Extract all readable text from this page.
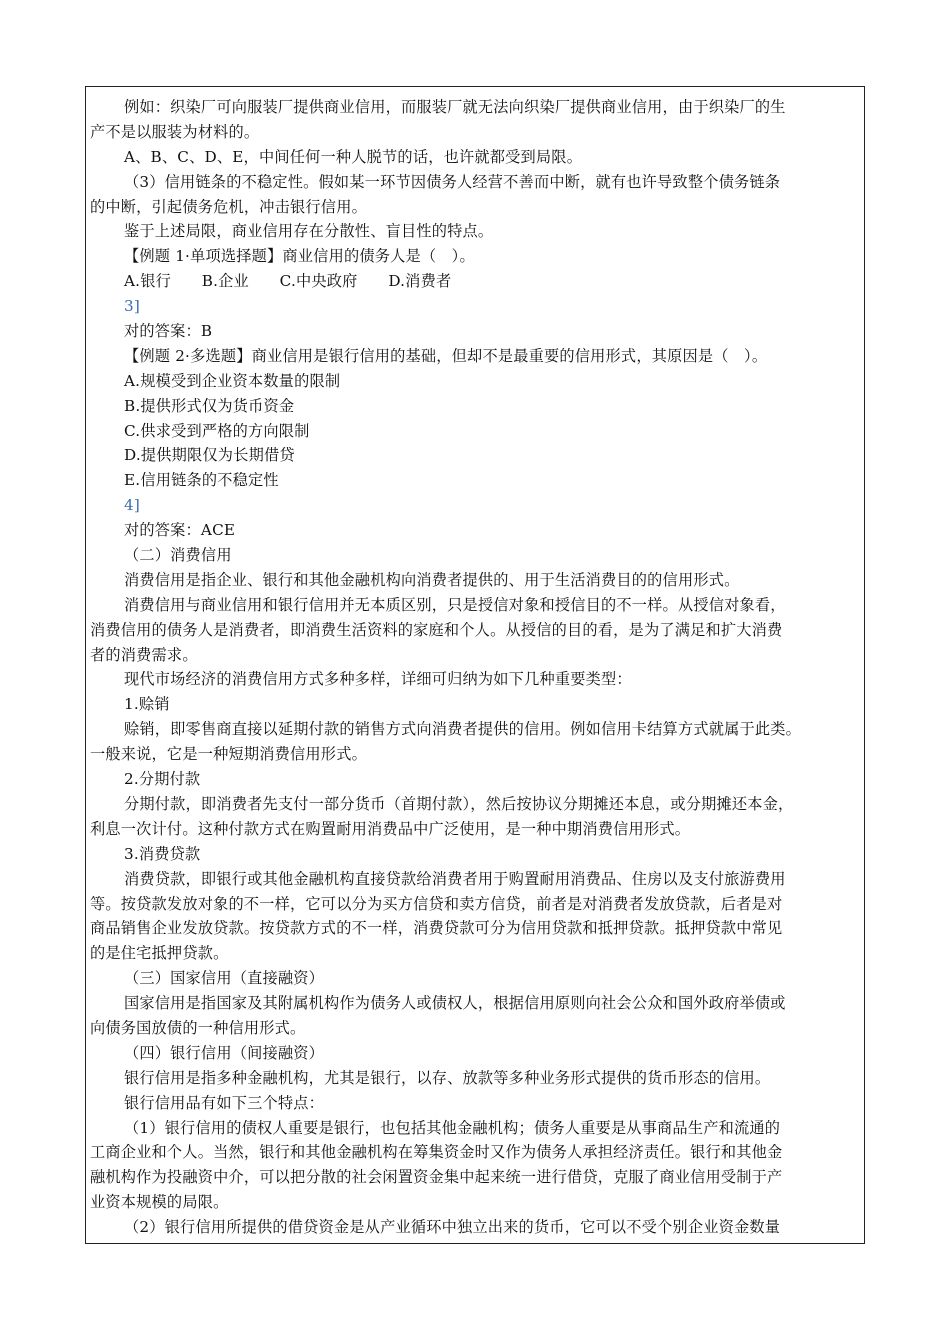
例如：织染厂可向服装厂提供商业信用，而服装厂就无法向织染厂提供商业信用，由于织染厂的生
产不是以服装为材料的。
A、B、C、D、E，中间任何一种人脱节的话，也许就都受到局限。
（3）信用链条的不稳定性。假如某一环节因债务人经营不善而中断，就有也许导致整个债务链条
的中断，引起债务危机，冲击银行信用。
鉴于上述局限，商业信用存在分散性、盲目性的特点。
【例题 1·单项选择题】商业信用的债务人是（　）。
A.银行　　B.企业　　C.中央政府　　D.消费者
3]
对的答案：B
【例题 2·多选题】商业信用是银行信用的基础，但却不是最重要的信用形式，其原因是（　）。
A.规模受到企业资本数量的限制
B.提供形式仅为货币资金
C.供求受到严格的方向限制
D.提供期限仅为长期借贷
E.信用链条的不稳定性
4]
对的答案：ACE
（二）消费信用
消费信用是指企业、银行和其他金融机构向消费者提供的、用于生活消费目的的信用形式。
消费信用与商业信用和银行信用并无本质区别，只是授信对象和授信目的不一样。从授信对象看，
消费信用的债务人是消费者，即消费生活资料的家庭和个人。从授信的目的看，是为了满足和扩大消费
者的消费需求。
现代市场经济的消费信用方式多种多样，详细可归纳为如下几种重要类型：
1.赊销
赊销，即零售商直接以延期付款的销售方式向消费者提供的信用。例如信用卡结算方式就属于此类。
一般来说，它是一种短期消费信用形式。
2.分期付款
分期付款，即消费者先支付一部分货币（首期付款），然后按协议分期摊还本息，或分期摊还本金，
利息一次计付。这种付款方式在购置耐用消费品中广泛使用，是一种中期消费信用形式。
3.消费贷款
消费贷款，即银行或其他金融机构直接贷款给消费者用于购置耐用消费品、住房以及支付旅游费用
等。按贷款发放对象的不一样，它可以分为买方信贷和卖方信贷，前者是对消费者发放贷款，后者是对
商品销售企业发放贷款。按贷款方式的不一样，消费贷款可分为信用贷款和抵押贷款。抵押贷款中常见
的是住宅抵押贷款。
（三）国家信用（直接融资）
国家信用是指国家及其附属机构作为债务人或债权人，根据信用原则向社会公众和国外政府举债或
向债务国放债的一种信用形式。
（四）银行信用（间接融资）
银行信用是指多种金融机构，尤其是银行，以存、放款等多种业务形式提供的货币形态的信用。
银行信用品有如下三个特点：
（1）银行信用的债权人重要是银行，也包括其他金融机构；债务人重要是从事商品生产和流通的
工商企业和个人。当然，银行和其他金融机构在筹集资金时又作为债务人承担经济责任。银行和其他金
融机构作为投融资中介，可以把分散的社会闲置资金集中起来统一进行借贷，克服了商业信用受制于产
业资本规模的局限。
（2）银行信用所提供的借贷资金是从产业循环中独立出来的货币，它可以不受个别企业资金数量
